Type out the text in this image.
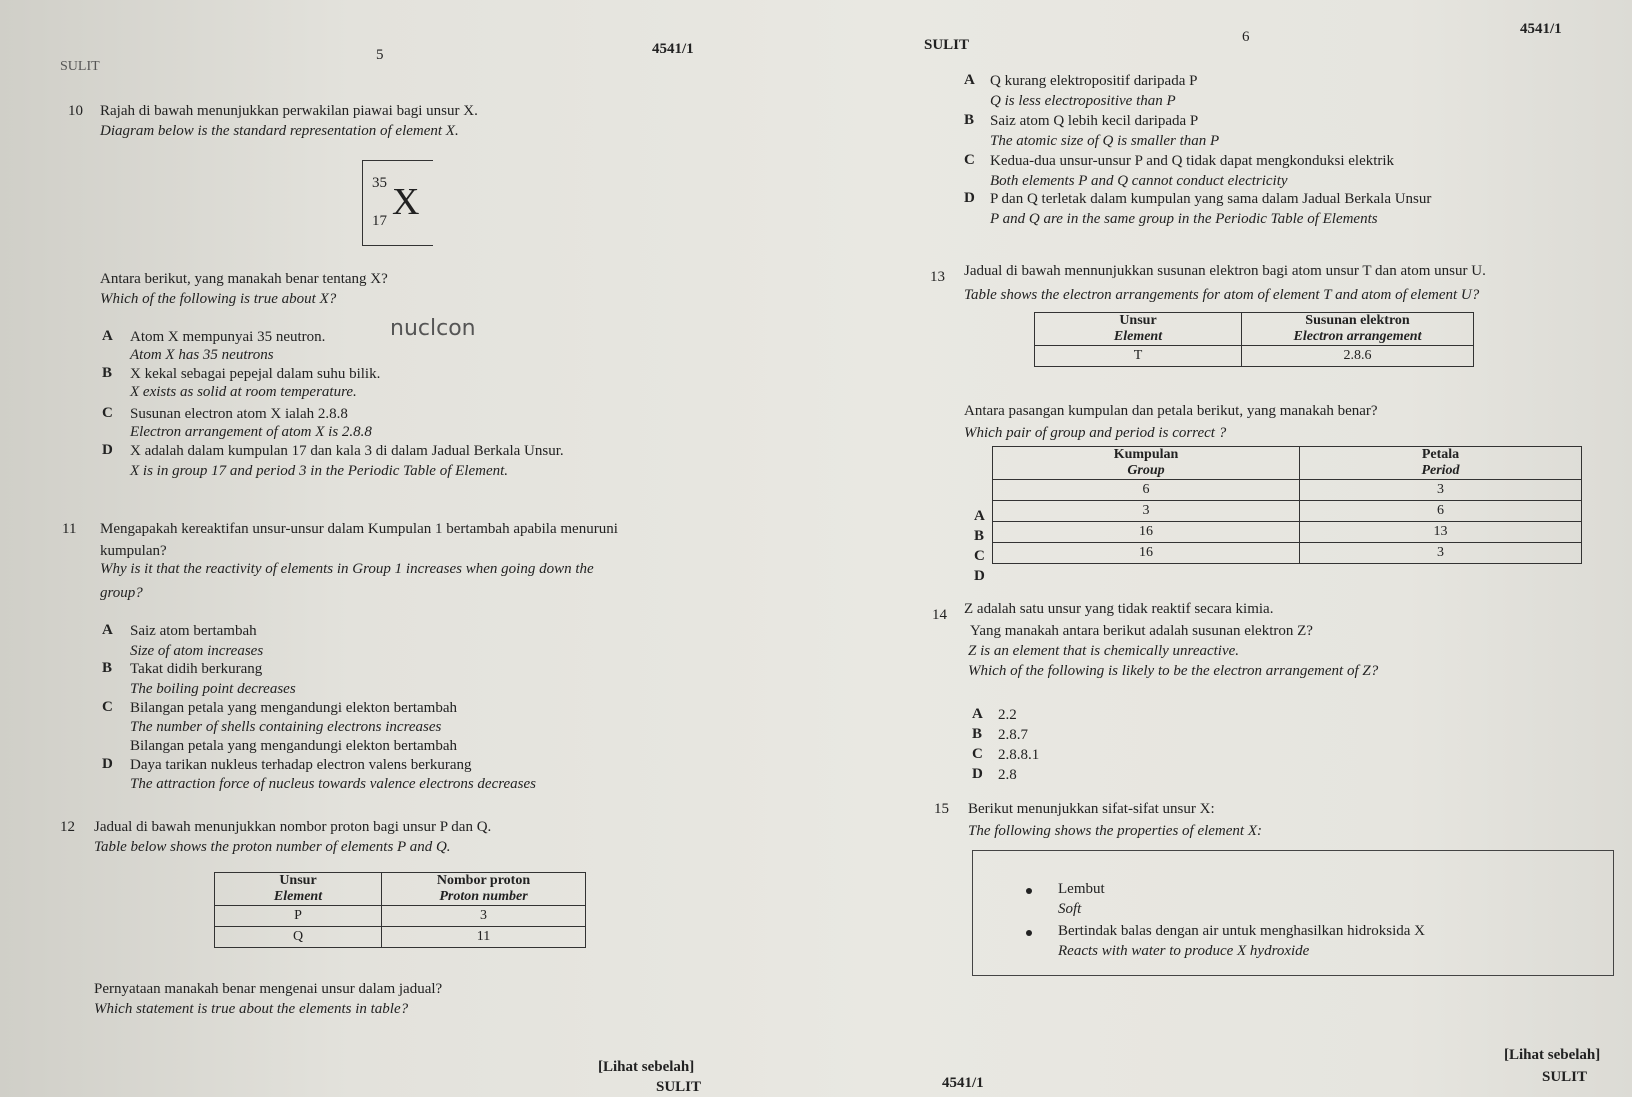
SULIT
5	4541/1
10 Rajah di bawah menunjukkan perwakilan piawai bagi unsur X.
Diagram below is the standard representation of element X.
35
17 X
Antara berikut, yang manakah benar tentang X?
Which of the following is true about X?
A Atom X mempunyai 35 neutron.
Atom X has 35 neutrons
nuclcon
B X kekal sebagai pepejal dalam suhu bilik.
X exists as solid at room temperature.
C Susunan electron atom X ialah 2.8.8
Electron arrangement of atom X is 2.8.8
D X adalah dalam kumpulan 17 dan kala 3 di dalam Jadual Berkala Unsur.
X is in group 17 and period 3 in the Periodic Table of Element.
11 Mengapakah kereaktifan unsur-unsur dalam Kumpulan 1 bertambah apabila menuruni
kumpulan?
Why is it that the reactivity of elements in Group 1 increases when going down the
group?
A Saiz atom bertambah
Size of atom increases
B Takat didih berkurang
The boiling point decreases
C Bilangan petala yang mengandungi elekton bertambah
The number of shells containing electrons increases
Bilangan petala yang mengandungi elekton bertambah
D Daya tarikan nukleus terhadap electron valens berkurang
The attraction force of nucleus towards valence electrons decreases
12 Jadual di bawah menunjukkan nombor proton bagi unsur P dan Q.
Table below shows the proton number of elements P and Q.
Unsur
Element	Nombor proton
Proton number

P	3
Q	11
Pernyataan manakah benar mengenai unsur dalam jadual?
Which statement is true about the elements in table?
[Lihat sebelah]
SULIT
SULIT	6	4541/1
A Q kurang elektropositif daripada P
Q is less electropositive than P
B Saiz atom Q lebih kecil daripada P
The atomic size of Q is smaller than P
C Kedua-dua unsur-unsur P and Q tidak dapat mengkonduksi elektrik
Both elements P and Q cannot conduct electricity
D P dan Q terletak dalam kumpulan yang sama dalam Jadual Berkala Unsur
P and Q are in the same group in the Periodic Table of Elements
13 Jadual di bawah mennunjukkan susunan elektron bagi atom unsur T dan atom unsur U.
Table shows the electron arrangements for atom of element T and atom of element U?
Unsur
Element	Susunan elektron
Electron arrangement

T	2.8.6
Antara pasangan kumpulan dan petala berikut, yang manakah benar?
Which pair of group and period is correct ?
A
B
C
D
Kumpulan
Group	Petala
Period

6	3
3	6
16	13
16	3
14 Z adalah satu unsur yang tidak reaktif secara kimia.
Yang manakah antara berikut adalah susunan elektron Z?
Z is an element that is chemically unreactive.
Which of the following is likely to be the electron arrangement of Z?
A 2.2
B 2.8.7
C 2.8.8.1
D 2.8
15 Berikut menunjukkan sifat-sifat unsur X:
The following shows the properties of element X:
Lembut
Soft
Bertindak balas dengan air untuk menghasilkan hidroksida X
Reacts with water to produce X hydroxide
[Lihat sebelah]
SULIT
4541/1
